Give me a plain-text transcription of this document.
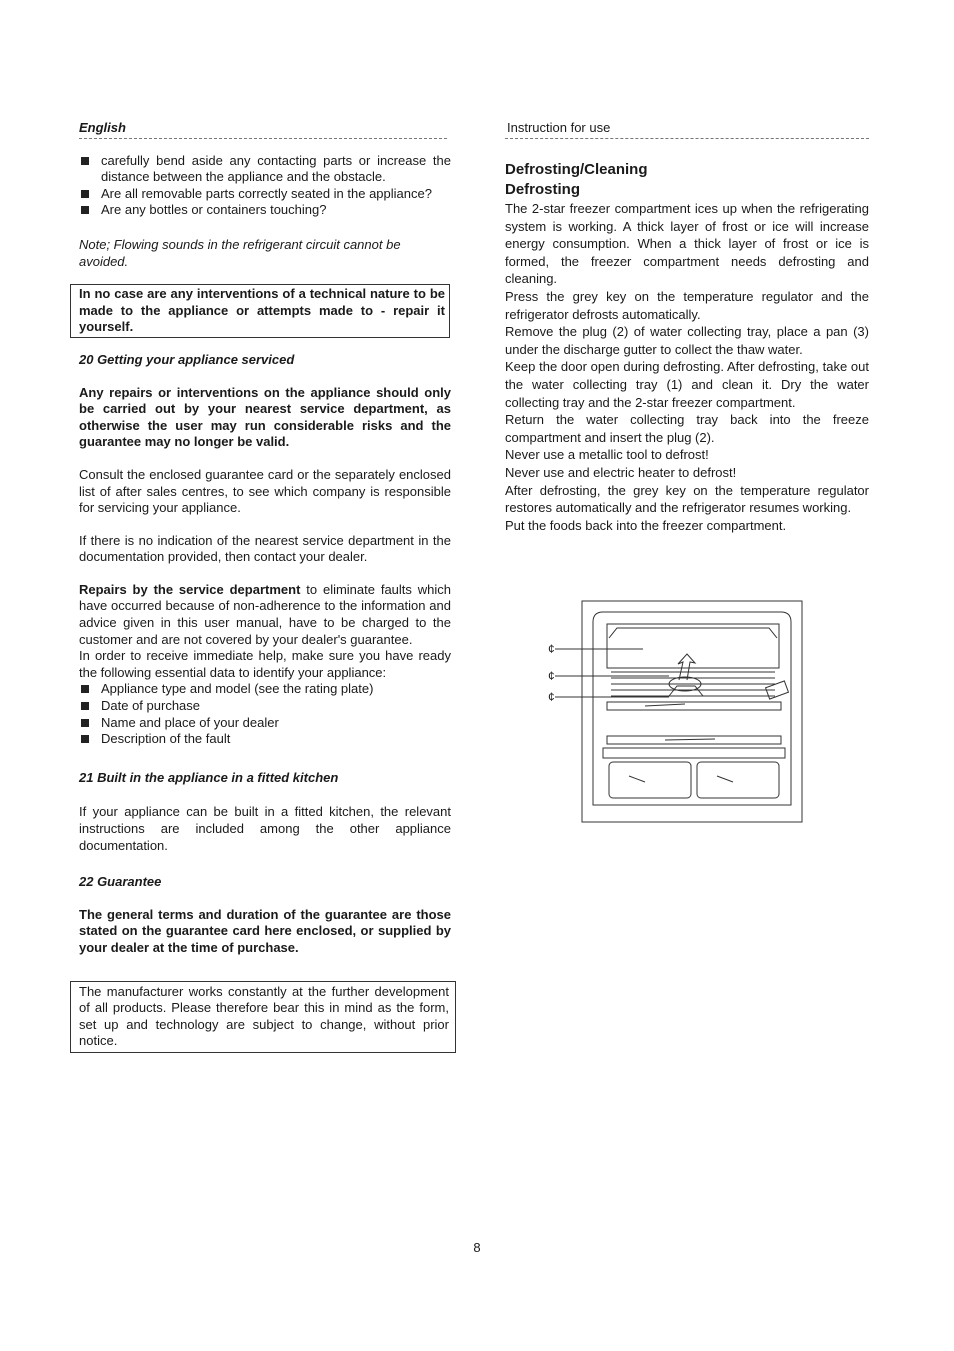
English
carefully bend aside any contacting parts or increase the distance between the appliance and the obstacle.
Are all removable parts correctly seated in the appliance?
Are any bottles or containers touching?
Note; Flowing sounds in the refrigerant circuit cannot be avoided.
In no case are any interventions of a technical nature to be made to the appliance or attempts made to - repair it yourself.
20 Getting your appliance serviced
Any repairs or interventions on the appliance should only be carried out by your nearest service department, as otherwise the user may run considerable risks and the guarantee may no longer be valid.
Consult the enclosed guarantee card or the separately enclosed list of after sales centres, to see which company is responsible for servicing your appliance.
If there is no indication of the nearest service department in the documentation provided, then contact your dealer.
Repairs by the service department to eliminate faults which have occurred because of non-adherence to the information and advice given in this user manual, have to be charged to the customer and are not covered by your dealer's guarantee.
In order to receive immediate help, make sure you have ready the following essential data to identify your appliance:
Appliance type and model (see the rating plate)
Date of purchase
Name and place of your dealer
Description of the fault
21 Built in the appliance in a fitted kitchen
If your appliance can be built in a fitted kitchen, the relevant instructions are included among the other appliance documentation.
22 Guarantee
The general terms and duration of the guarantee are those stated on the guarantee card here enclosed, or supplied by your dealer at the time of purchase.
The manufacturer works constantly at the further development of all products. Please therefore bear this in mind as the form, set up and technology are subject to change, without prior notice.
Instruction for use
Defrosting/Cleaning
Defrosting
The 2-star freezer compartment ices up when the refrigerating system is working. A thick layer of frost or ice will increase energy consumption. When a thick layer of frost or ice is formed, the freezer compartment needs defrosting and cleaning.
Press the grey key on the temperature regulator and the refrigerator defrosts automatically.
Remove the plug (2) of water collecting tray, place a pan (3) under the discharge gutter to collect the thaw water.
Keep the door open during defrosting. After defrosting, take out the water collecting tray (1) and clean it. Dry the water collecting tray and the 2-star freezer compartment.
Return the water collecting tray back into the freeze compartment and insert the plug (2).
Never use a metallic tool to defrost!
Never use and electric heater to defrost!
After defrosting, the grey key on the temperature regulator restores automatically and the refrigerator resumes working.
Put the foods back into the freezer compartment.
¢
¢
¢
8
